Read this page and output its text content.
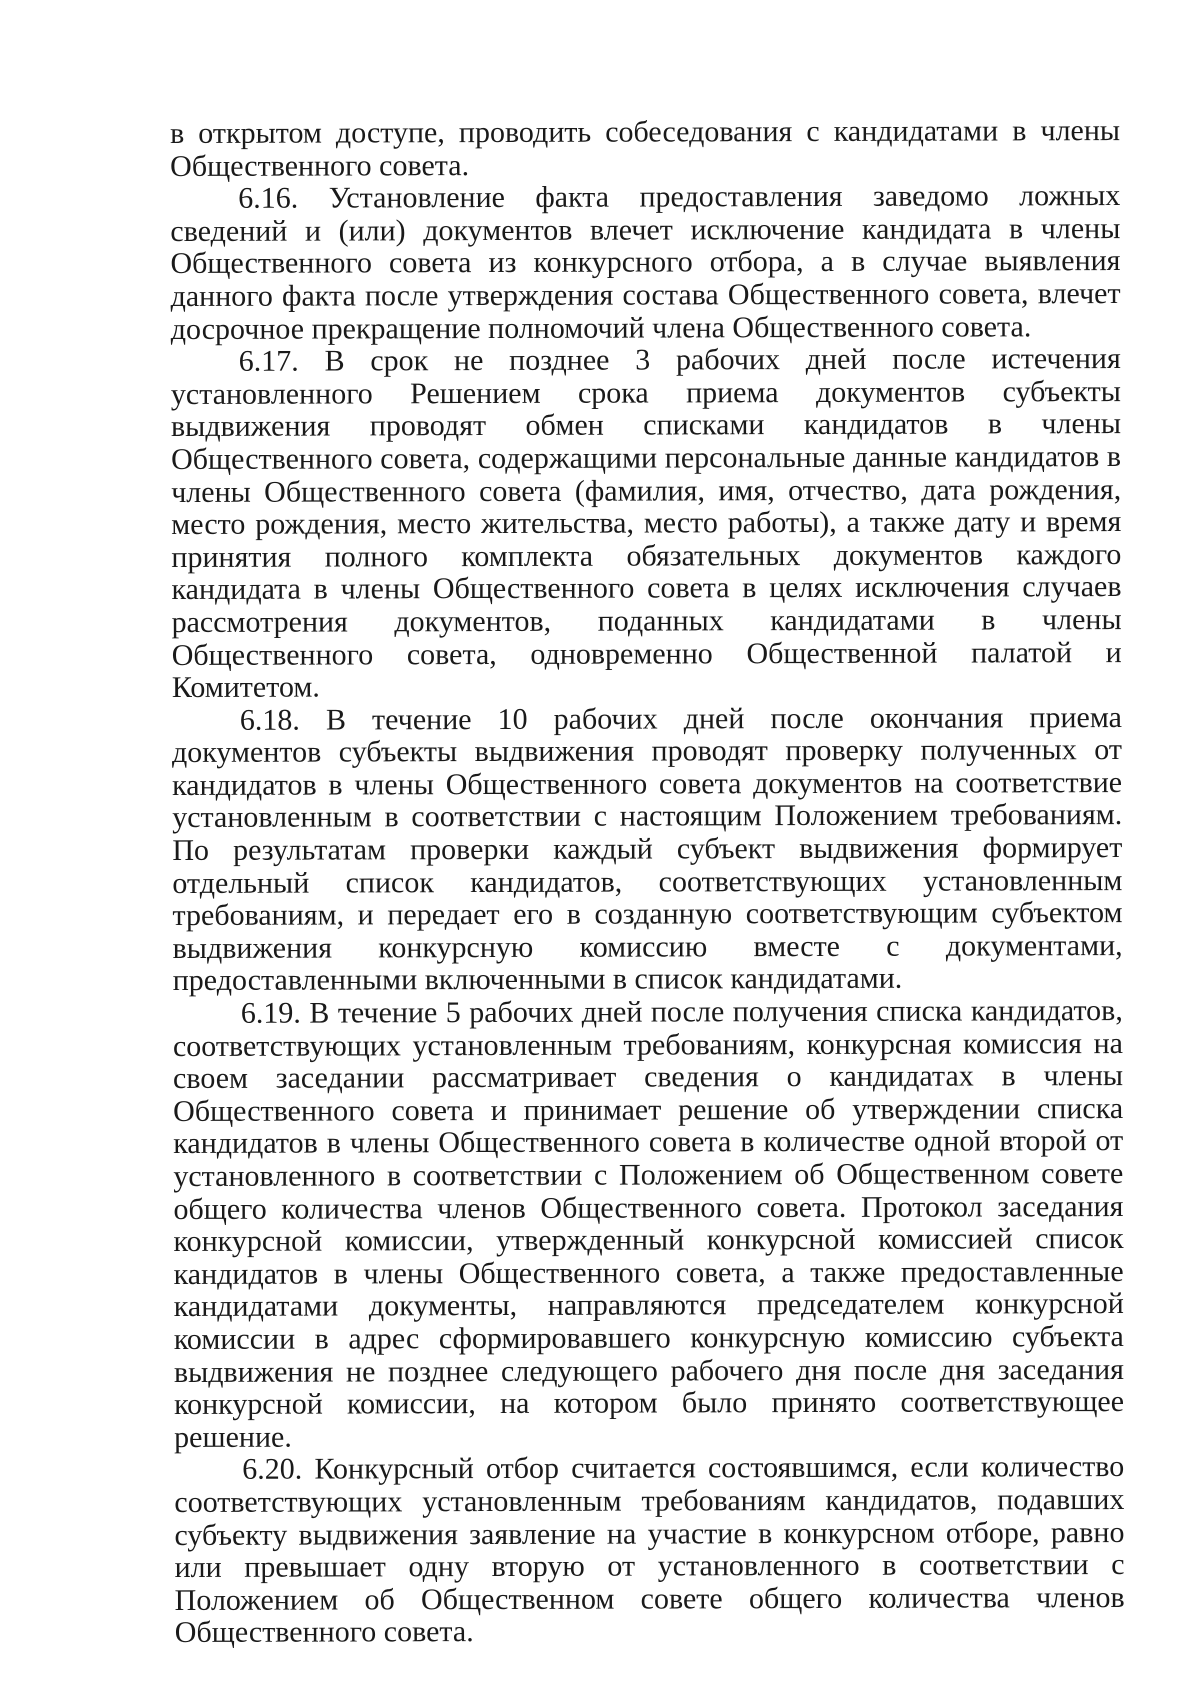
в открытом доступе, проводить собеседования с кандидатами в члены Общественного совета.

6.16. Установление факта предоставления заведомо ложных сведений и (или) документов влечет исключение кандидата в члены Общественного совета из конкурсного отбора, а в случае выявления данного факта после утверждения состава Общественного совета, влечет досрочное прекращение полномочий члена Общественного совета.

6.17. В срок не позднее 3 рабочих дней после истечения установленного Решением срока приема документов субъекты выдвижения проводят обмен списками кандидатов в члены Общественного совета, содержащими персональные данные кандидатов в члены Общественного совета (фамилия, имя, отчество, дата рождения, место рождения, место жительства, место работы), а также дату и время принятия полного комплекта обязательных документов каждого кандидата в члены Общественного совета в целях исключения случаев рассмотрения документов, поданных кандидатами в члены Общественного совета, одновременно Общественной палатой и Комитетом.

6.18. В течение 10 рабочих дней после окончания приема документов субъекты выдвижения проводят проверку полученных от кандидатов в члены Общественного совета документов на соответствие установленным в соответствии с настоящим Положением требованиям. По результатам проверки каждый субъект выдвижения формирует отдельный список кандидатов, соответствующих установленным требованиям, и передает его в созданную соответствующим субъектом выдвижения конкурсную комиссию вместе с документами, предоставленными включенными в список кандидатами.

6.19. В течение 5 рабочих дней после получения списка кандидатов, соответствующих установленным требованиям, конкурсная комиссия на своем заседании рассматривает сведения о кандидатах в члены Общественного совета и принимает решение об утверждении списка кандидатов в члены Общественного совета в количестве одной второй от установленного в соответствии с Положением об Общественном совете общего количества членов Общественного совета. Протокол заседания конкурсной комиссии, утвержденный конкурсной комиссией список кандидатов в члены Общественного совета, а также предоставленные кандидатами документы, направляются председателем конкурсной комиссии в адрес сформировавшего конкурсную комиссию субъекта выдвижения не позднее следующего рабочего дня после дня заседания конкурсной комиссии, на котором было принято соответствующее решение.

6.20. Конкурсный отбор считается состоявшимся, если количество соответствующих установленным требованиям кандидатов, подавших субъекту выдвижения заявление на участие в конкурсном отборе, равно или превышает одну вторую от установленного в соответствии с Положением об Общественном совете общего количества членов Общественного совета.
